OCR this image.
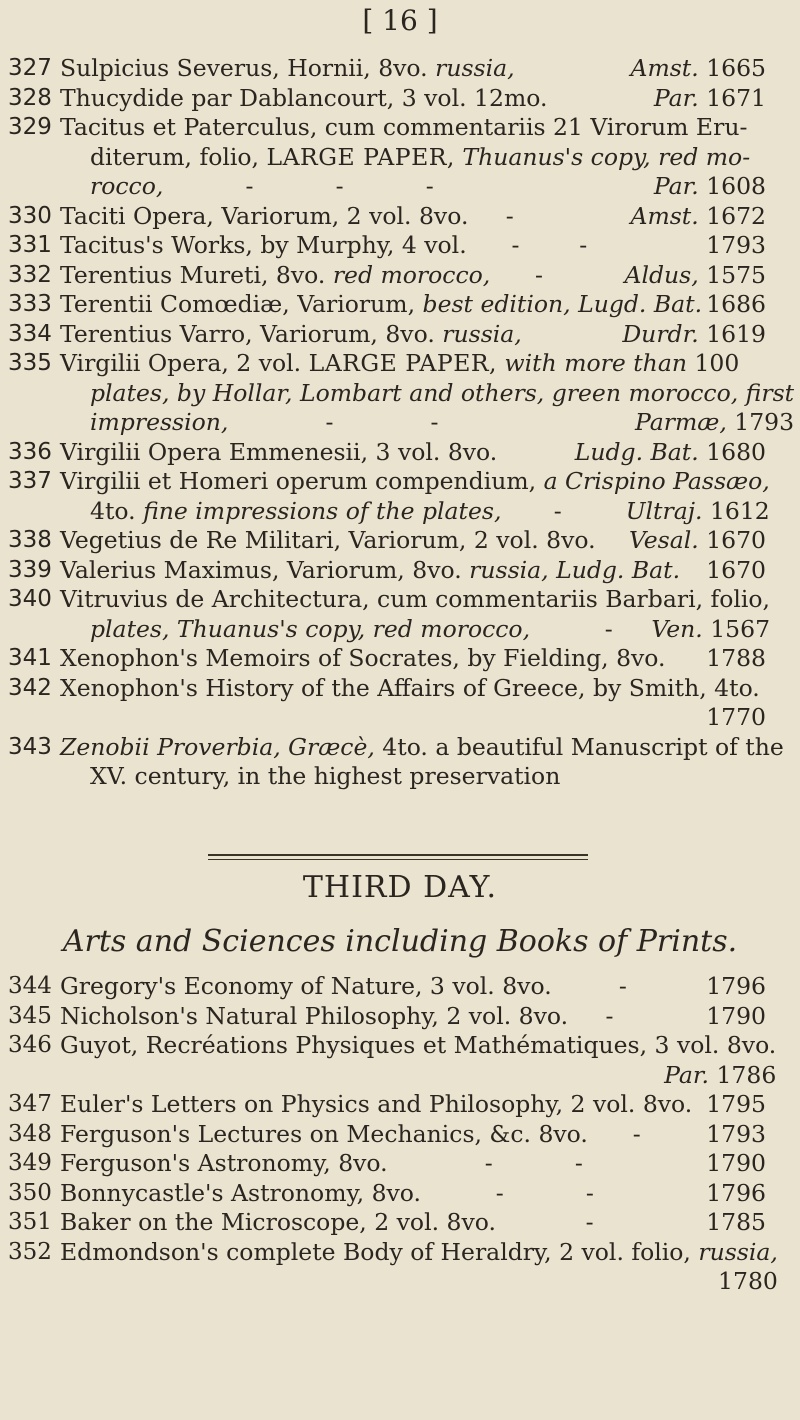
[ 16 ]
327 Sulpicius Severus, Hornii, 8vo. russia,	Amst. 1665
328 Thucydide par Dablancourt, 3 vol. 12mo.	Par. 1671
329 Tacitus et Paterculus, cum commentariis 21 Virorum Eru-
diterum, folio, LARGE PAPER, Thuanus's copy, red mo-
rocco,           -           -           -	Par. 1608
330 Taciti Opera, Variorum, 2 vol. 8vo.     -	Amst. 1672
331 Tacitus's Works, by Murphy, 4 vol.      -        -	1793
332 Terentius Mureti, 8vo. red morocco,      -	Aldus, 1575
333 Terentii Comœdiæ, Variorum, best edition, Lugd. Bat. 1686
334 Terentius Varro, Variorum, 8vo. russia,	Durdr. 1619
335 Virgilii Opera, 2 vol. LARGE PAPER, with more than 100
plates, by Hollar, Lombart and others, green morocco, first
impression,             -             -	Parmæ, 1793
336 Virgilii Opera Emmenesii, 3 vol. 8vo.	Ludg. Bat. 1680
337 Virgilii et Homeri operum compendium, a Crispino Passæo,
4to. fine impressions of the plates,       -	Ultraj. 1612
338 Vegetius de Re Militari, Variorum, 2 vol. 8vo. Vesal. 1670
339 Valerius Maximus, Variorum, 8vo. russia, Ludg. Bat. 1670
340 Vitruvius de Architectura, cum commentariis Barbari, folio,
plates, Thuanus's copy, red morocco,          - Ven. 1567
341 Xenophon's Memoirs of Socrates, by Fielding, 8vo. 1788
342 Xenophon's History of the Affairs of Greece, by Smith, 4to.
1770
343 Zenobii Proverbia, Græcè, 4to. a beautiful Manuscript of the
XV. century, in the highest preservation
THIRD DAY.
Arts and Sciences including Books of Prints.
344 Gregory's Economy of Nature, 3 vol. 8vo.         -	1796
345 Nicholson's Natural Philosophy, 2 vol. 8vo.     -	1790
346 Guyot, Recréations Physiques et Mathématiques, 3 vol. 8vo.
Par. 1786
347 Euler's Letters on Physics and Philosophy, 2 vol. 8vo. 1795
348 Ferguson's Lectures on Mechanics, &c. 8vo.      -	1793
349 Ferguson's Astronomy, 8vo.             -           -	1790
350 Bonnycastle's Astronomy, 8vo.          -           -	1796
351 Baker on the Microscope, 2 vol. 8vo.            -	1785
352 Edmondson's complete Body of Heraldry, 2 vol. folio, russia,
1780
